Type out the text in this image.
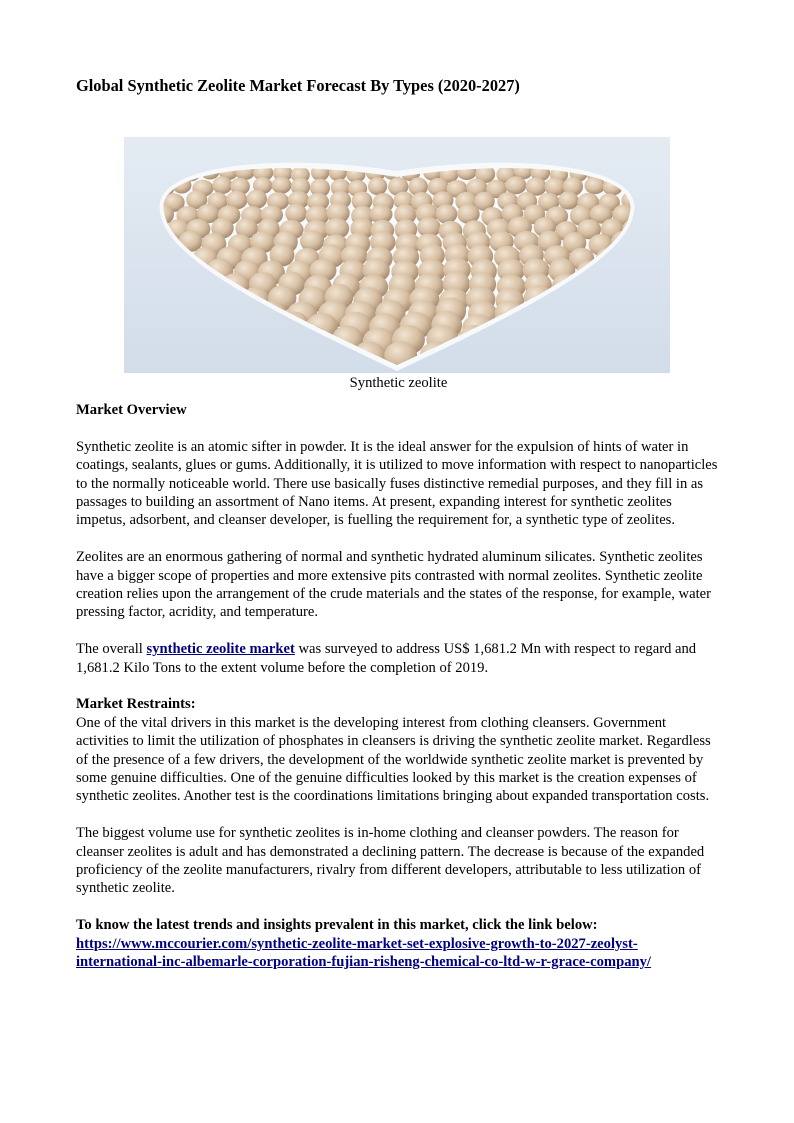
Global Synthetic Zeolite Market Forecast By Types (2020-2027)

Synthetic zeolite

Market Overview

Synthetic zeolite is an atomic sifter in powder. It is the ideal answer for the expulsion of hints of water in coatings, sealants, glues or gums. Additionally, it is utilized to move information with respect to nanoparticles to the normally noticeable world. There use basically fuses distinctive remedial purposes, and they fill in as passages to building an assortment of Nano items. At present, expanding interest for synthetic zeolites impetus, adsorbent, and cleanser developer, is fuelling the requirement for, a synthetic type of zeolites.

Zeolites are an enormous gathering of normal and synthetic hydrated aluminum silicates. Synthetic zeolites have a bigger scope of properties and more extensive pits contrasted with normal zeolites. Synthetic zeolite creation relies upon the arrangement of the crude materials and the states of the response, for example, water pressing factor, acridity, and temperature.

The overall synthetic zeolite market was surveyed to address US$ 1,681.2 Mn with respect to regard and 1,681.2 Kilo Tons to the extent volume before the completion of 2019.

Market Restraints:

One of the vital drivers in this market is the developing interest from clothing cleansers. Government activities to limit the utilization of phosphates in cleansers is driving the synthetic zeolite market. Regardless of the presence of a few drivers, the development of the worldwide synthetic zeolite market is prevented by some genuine difficulties. One of the genuine difficulties looked by this market is the creation expenses of synthetic zeolites. Another test is the coordinations limitations bringing about expanded transportation costs.

The biggest volume use for synthetic zeolites is in-home clothing and cleanser powders. The reason for cleanser zeolites is adult and has demonstrated a declining pattern. The decrease is because of the expanded proficiency of the zeolite manufacturers, rivalry from different developers, attributable to less utilization of synthetic zeolite.

To know the latest trends and insights prevalent in this market, click the link below:

https://www.mccourier.com/synthetic-zeolite-market-set-explosive-growth-to-2027-zeolyst-

international-inc-albemarle-corporation-fujian-risheng-chemical-co-ltd-w-r-grace-company/
